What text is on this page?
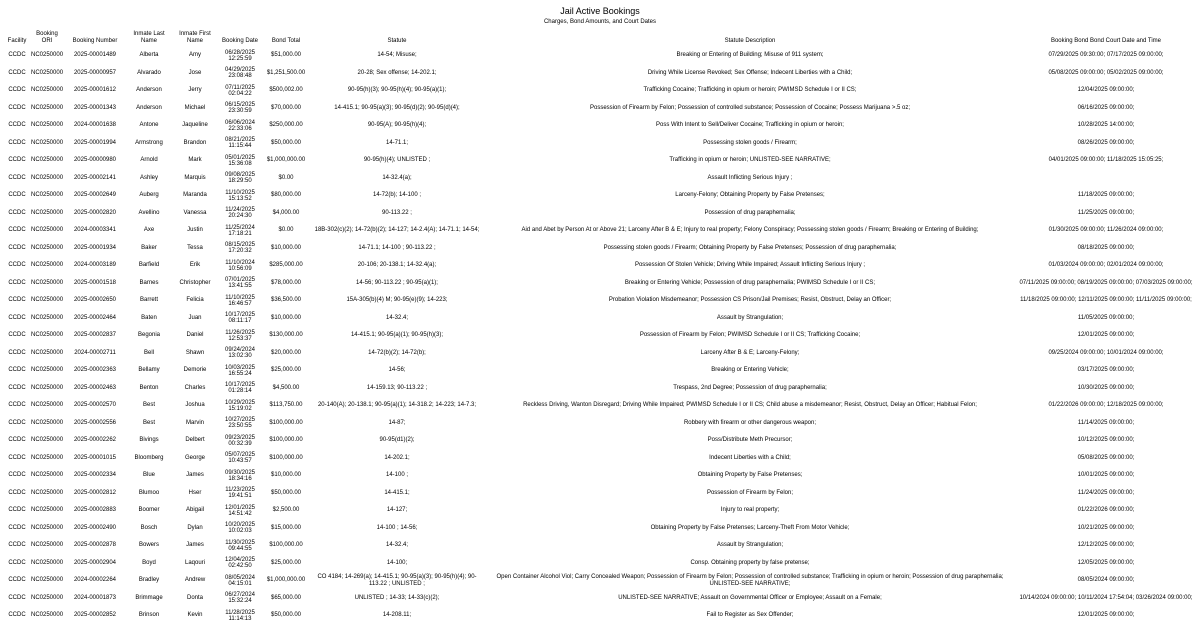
Jail Active Bookings
Charges, Bond Amounts, and Court Dates
Facility	Booking ORI	Booking Number	Inmate Last Name	Inmate First Name	Booking Date	Bond Total	Statute	Statute Description	Booking Bond Bond Court Date and Time
CCDC	NC0250000	2025-00001489	Alberta	Amy	06/28/2025 12:25:59	$51,000.00	14-54; Misuse;	Breaking or Entering of Building; Misuse of 911 system;	07/29/2025 09:30:00; 07/17/2025 09:00:00;
CCDC	NC0250000	2025-00000957	Alvarado	Jose	04/29/2025 23:08:48	$1,251,500.00	20-28; Sex offense; 14-202.1;	Driving While License Revoked; Sex Offense; Indecent Liberties with a Child;	05/08/2025 09:00:00; 05/02/2025 09:00:00;
CCDC	NC0250000	2025-00001612	Anderson	Jerry	07/11/2025 02:04:22	$500,002.00	90-95(h)(3); 90-95(h)(4); 90-95(a)(1);	Trafficking Cocaine; Trafficking in opium or heroin; PWIMSD Schedule I or II CS;	12/04/2025 09:00:00;
CCDC	NC0250000	2025-00001343	Anderson	Michael	06/15/2025 23:30:59	$70,000.00	14-415.1; 90-95(a)(3); 90-95(d)(2); 90-95(d)(4);	Possession of Firearm by Felon; Possession of controlled substance; Possession of Cocaine; Possess Marijuana >.5 oz;	06/16/2025 09:00:00;
CCDC	NC0250000	2024-00001638	Antone	Jaqueline	06/06/2024 22:33:06	$250,000.00	90-95(A); 90-95(h)(4);	Poss With Intent to Sell/Deliver Cocaine; Trafficking in opium or heroin;	10/28/2025 14:00:00;
CCDC	NC0250000	2025-00001994	Armstrong	Brandon	08/21/2025 11:15:44	$50,000.00	14-71.1;	Possessing stolen goods / Firearm;	08/26/2025 09:00:00;
CCDC	NC0250000	2025-00000980	Arnold	Mark	05/01/2025 15:36:08	$1,000,000.00	90-95(h)(4); UNLISTED ;	Trafficking in opium or heroin; UNLISTED-SEE NARRATIVE;	04/01/2025 09:00:00; 11/18/2025 15:05:25;
CCDC	NC0250000	2025-00002141	Ashley	Marquis	09/08/2025 18:29:50	$0.00	14-32.4(a);	Assault Inflicting Serious Injury ;	
CCDC	NC0250000	2025-00002649	Auberg	Maranda	11/10/2025 15:13:52	$80,000.00	14-72(b); 14-100 ;	Larceny-Felony; Obtaining Property by False Pretenses;	11/18/2025 09:00:00;
CCDC	NC0250000	2025-00002820	Avellino	Vanessa	11/24/2025 20:24:30	$4,000.00	90-113.22 ;	Possession of drug paraphernalia;	11/25/2025 09:00:00;
CCDC	NC0250000	2024-00003341	Axe	Justin	11/25/2024 17:18:21	$0.00	18B-302(c)(2); 14-72(b)(2); 14-127; 14-2.4(A); 14-71.1; 14-54;	Aid and Abet by Person At or Above 21; Larceny After B & E; Injury to real property; Felony Conspiracy; Possessing stolen goods / Firearm; Breaking or Entering of Building;	01/30/2025 09:00:00; 11/26/2024 09:00:00;
CCDC	NC0250000	2025-00001934	Baker	Tessa	08/15/2025 17:20:32	$10,000.00	14-71.1; 14-100 ; 90-113.22 ;	Possessing stolen goods / Firearm; Obtaining Property by False Pretenses; Possession of drug paraphernalia;	08/18/2025 09:00:00;
CCDC	NC0250000	2024-00003189	Barfield	Erik	11/10/2024 10:56:09	$285,000.00	20-106; 20-138.1; 14-32.4(a);	Possession Of Stolen Vehicle; Driving While Impaired; Assault Inflicting Serious Injury ;	01/03/2024 09:00:00; 02/01/2024 09:00:00;
CCDC	NC0250000	2025-00001518	Barnes	Christopher	07/01/2025 13:41:55	$78,000.00	14-56; 90-113.22 ; 90-95(a)(1);	Breaking or Entering Vehicle; Possession of drug paraphernalia; PWIMSD Schedule I or II CS;	07/11/2025 09:00:00; 08/19/2025 09:00:00; 07/03/2025 09:00:00;
CCDC	NC0250000	2025-00002650	Barrett	Felicia	11/10/2025 16:46:57	$36,500.00	15A-305(b)(4) M; 90-95(e)(9); 14-223;	Probation Violation Misdemeanor; Possession CS Prison/Jail Premises; Resist, Obstruct, Delay an Officer;	11/18/2025 09:00:00; 12/11/2025 09:00:00; 11/11/2025 09:00:00;
CCDC	NC0250000	2025-00002464	Baten	Juan	10/17/2025 08:11:17	$10,000.00	14-32.4;	Assault by Strangulation;	11/05/2025 09:00:00;
CCDC	NC0250000	2025-00002837	Begonia	Daniel	11/26/2025 12:53:37	$130,000.00	14-415.1; 90-95(a)(1); 90-95(h)(3);	Possession of Firearm by Felon; PWIMSD Schedule I or II CS; Trafficking Cocaine;	12/01/2025 09:00:00;
CCDC	NC0250000	2024-00002711	Bell	Shawn	09/24/2024 13:02:30	$20,000.00	14-72(b)(2); 14-72(b);	Larceny After B & E; Larceny-Felony;	09/25/2024 09:00:00; 10/01/2024 09:00:00;
CCDC	NC0250000	2025-00002363	Bellamy	Demorie	10/03/2025 16:55:24	$25,000.00	14-56;	Breaking or Entering Vehicle;	03/17/2025 09:00:00;
CCDC	NC0250000	2025-00002463	Benton	Charles	10/17/2025 01:28:14	$4,500.00	14-159.13; 90-113.22 ;	Trespass, 2nd Degree; Possession of drug paraphernalia;	10/30/2025 09:00:00;
CCDC	NC0250000	2025-00002570	Best	Joshua	10/29/2025 15:19:02	$113,750.00	20-140(A); 20-138.1; 90-95(a)(1); 14-318.2; 14-223; 14-7.3;	Reckless Driving, Wanton Disregard; Driving While Impaired; PWIMSD Schedule I or II CS; Child abuse a misdemeanor; Resist, Obstruct, Delay an Officer; Habitual Felon;	01/22/2026 09:00:00; 12/18/2025 09:00:00;
CCDC	NC0250000	2025-00002556	Best	Marvin	10/27/2025 23:50:55	$100,000.00	14-87;	Robbery with firearm or other dangerous weapon;	11/14/2025 09:00:00;
CCDC	NC0250000	2025-00002262	Bivings	Delbert	09/23/2025 00:32:39	$100,000.00	90-95(d1)(2);	Poss/Distribute Meth Precursor;	10/12/2025 09:00:00;
CCDC	NC0250000	2025-00001015	Bloomberg	George	05/07/2025 10:43:57	$100,000.00	14-202.1;	Indecent Liberties with a Child;	05/08/2025 09:00:00;
CCDC	NC0250000	2025-00002334	Blue	James	09/30/2025 18:34:16	$10,000.00	14-100 ;	Obtaining Property by False Pretenses;	10/01/2025 09:00:00;
CCDC	NC0250000	2025-00002812	Blumoo	Hser	11/23/2025 19:41:51	$50,000.00	14-415.1;	Possession of Firearm by Felon;	11/24/2025 09:00:00;
CCDC	NC0250000	2025-00002883	Boomer	Abigail	12/01/2025 14:51:42	$2,500.00	14-127;	Injury to real property;	01/22/2026 09:00:00;
CCDC	NC0250000	2025-00002490	Bosch	Dylan	10/20/2025 10:02:03	$15,000.00	14-100 ; 14-56;	Obtaining Property by False Pretenses; Larceny-Theft From Motor Vehicle;	10/21/2025 09:00:00;
CCDC	NC0250000	2025-00002878	Bowers	James	11/30/2025 09:44:55	$100,000.00	14-32.4;	Assault by Strangulation;	12/12/2025 09:00:00;
CCDC	NC0250000	2025-00002904	Boyd	Laqouri	12/04/2025 02:42:50	$25,000.00	14-100;	Consp. Obtaining property by false pretense;	12/05/2025 09:00:00;
CCDC	NC0250000	2024-00002264	Bradley	Andrew	08/05/2024 04:15:01	$1,000,000.00	CO 4184; 14-269(a); 14-415.1; 90-95(a)(3); 90-95(h)(4); 90-113.22 ; UNLISTED ;	Open Container Alcohol Viol; Carry Concealed Weapon; Possession of Firearm by Felon; Possession of controlled substance; Trafficking in opium or heroin; Possession of drug paraphernalia; UNLISTED-SEE NARRATIVE;	08/05/2024 09:00:00;
CCDC	NC0250000	2024-00001873	Brimmage	Donta	06/27/2024 15:32:24	$65,000.00	UNLISTED ; 14-33; 14-33(c)(2);	UNLISTED-SEE NARRATIVE; Assault on Governmental Officer or Employee; Assault on a Female;	10/14/2024 09:00:00; 10/11/2024 17:54:04; 03/26/2024 09:00:00;
CCDC	NC0250000	2025-00002852	Brinson	Kevin	11/28/2025 11:14:13	$50,000.00	14-208.11;	Fail to Register as Sex Offender;	12/01/2025 09:00:00;
